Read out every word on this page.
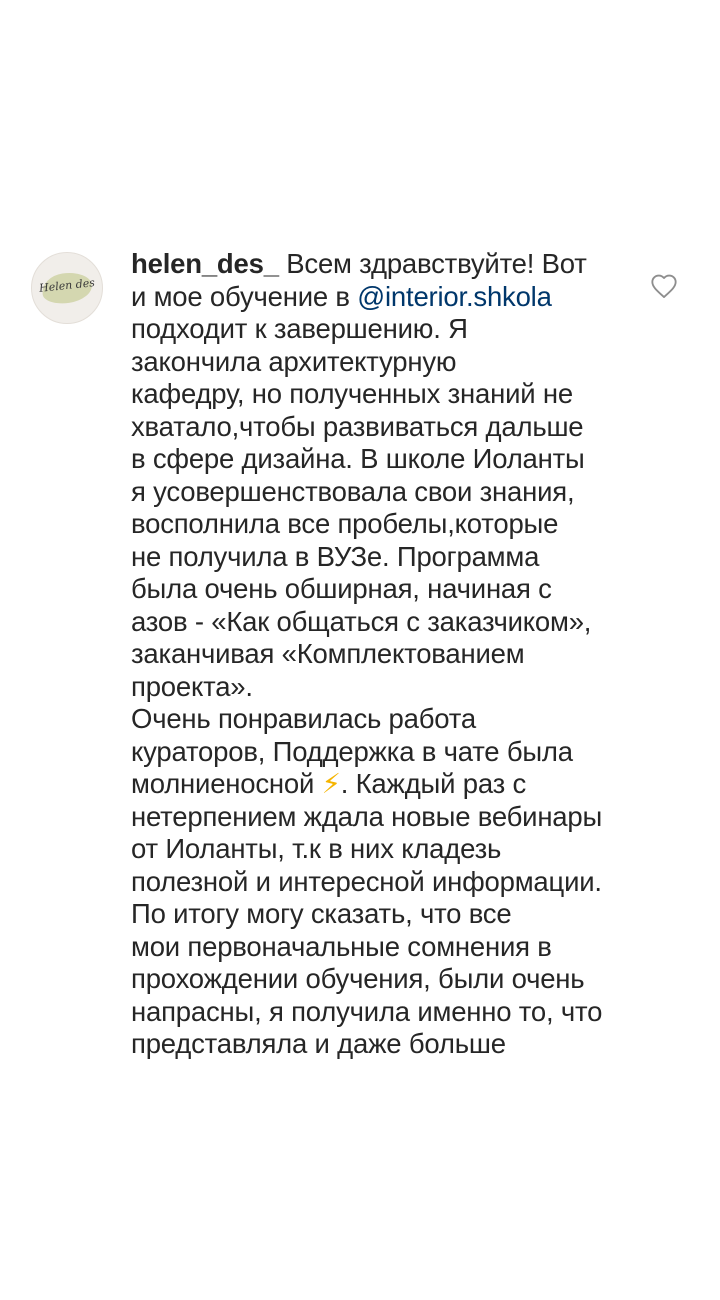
Helen des
helen_des_ Всем здравствуйте! Вот
и мое обучение в @interior.shkola
подходит к завершению. Я
закончила архитектурную
кафедру, но полученных знаний не
хватало,чтобы развиваться дальше
в сфере дизайна. В школе Иоланты
я усовершенствовала свои знания,
восполнила все пробелы,которые
не получила в ВУЗе. Программа
была очень обширная, начиная с
азов - «Как общаться с заказчиком»,
заканчивая «Комплектованием
проекта».
Очень понравилась работа
кураторов, Поддержка в чате была
молниеносной ⚡. Каждый раз с
нетерпением ждала новые вебинары
от Иоланты, т.к в них кладезь
полезной и интересной информации.
По итогу могу сказать, что все
мои первоначальные сомнения в
прохождении обучения, были очень
напрасны, я получила именно то, что
представляла и даже больше
